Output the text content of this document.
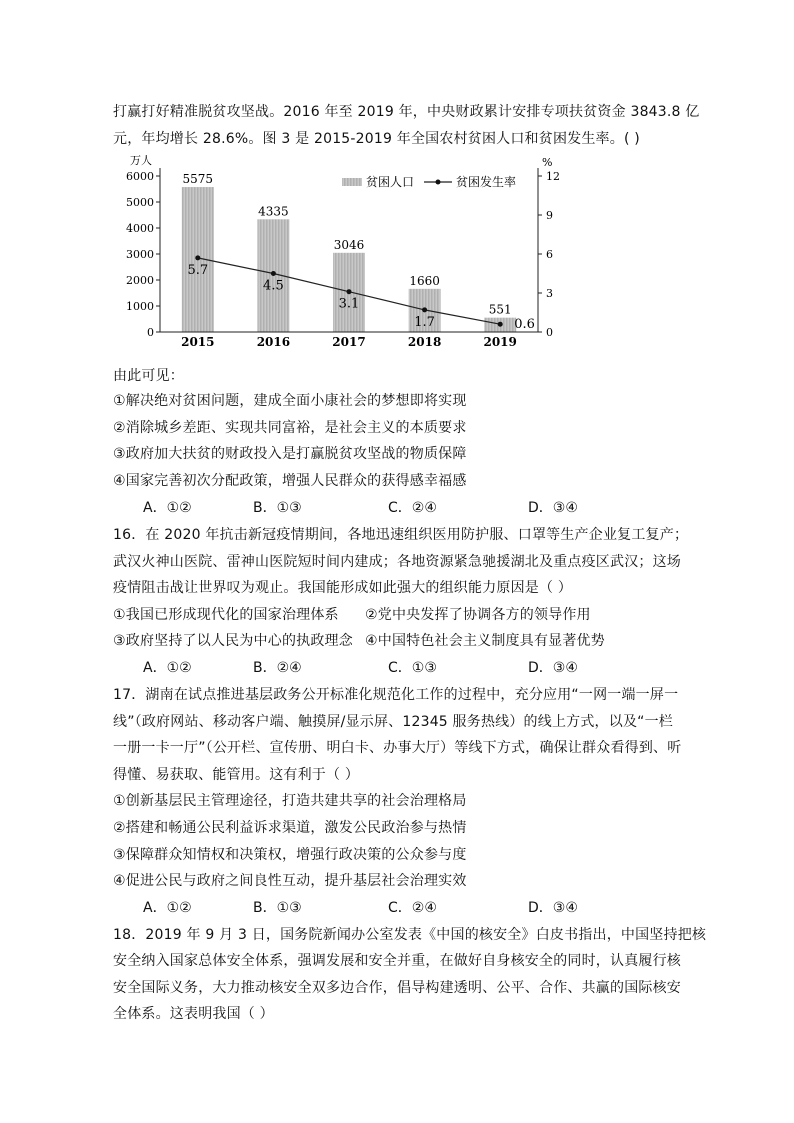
打赢打好精准脱贫攻坚战。2016 年至 2019 年，中央财政累计安排专项扶贫资金 3843.8 亿
元，年均增长 28.6%。图 3 是 2015-2019 年全国农村贫困人口和贫困发生率。( )
5575
4335
3046
1660
551
0
1000
2000
3000
4000
5000
6000
0
3
6
9
12
万人	%
2015	2016	2017	2018	2019
5.7
4.5
3.1
1.7	0.6
贫困人口	贫困发生率
由此可见：
①解决绝对贫困问题，建成全面小康社会的梦想即将实现
②消除城乡差距、实现共同富裕，是社会主义的本质要求
③政府加大扶贫的财政投入是打赢脱贫攻坚战的物质保障
④国家完善初次分配政策，增强人民群众的获得感幸福感
A．①②	B．①③	C．②④	D．③④
16．在 2020 年抗击新冠疫情期间，各地迅速组织医用防护服、口罩等生产企业复工复产；
武汉火神山医院、雷神山医院短时间内建成；各地资源紧急驰援湖北及重点疫区武汉；这场
疫情阻击战让世界叹为观止。我国能形成如此强大的组织能力原因是（ ）
①我国已形成现代化的国家治理体系 ②党中央发挥了协调各方的领导作用
③政府坚持了以人民为中心的执政理念 ④中国特色社会主义制度具有显著优势
A．①②	B．②④	C．①③	D．③④
17．湖南在试点推进基层政务公开标准化规范化工作的过程中，充分应用“一网一端一屏一
线”（政府网站、移动客户端、触摸屏/显示屏、12345 服务热线）的线上方式，以及“一栏
一册一卡一厅”（公开栏、宣传册、明白卡、办事大厅）等线下方式，确保让群众看得到、听
得懂、易获取、能管用。这有利于（ ）
①创新基层民主管理途径，打造共建共享的社会治理格局
②搭建和畅通公民利益诉求渠道，激发公民政治参与热情
③保障群众知情权和决策权，增强行政决策的公众参与度
④促进公民与政府之间良性互动，提升基层社会治理实效
A．①②	B．①③	C．②④	D．③④
18．2019 年 9 月 3 日，国务院新闻办公室发表《中国的核安全》白皮书指出，中国坚持把核
安全纳入国家总体安全体系，强调发展和安全并重，在做好自身核安全的同时，认真履行核
安全国际义务，大力推动核安全双多边合作，倡导构建透明、公平、合作、共赢的国际核安
全体系。这表明我国（ ）
